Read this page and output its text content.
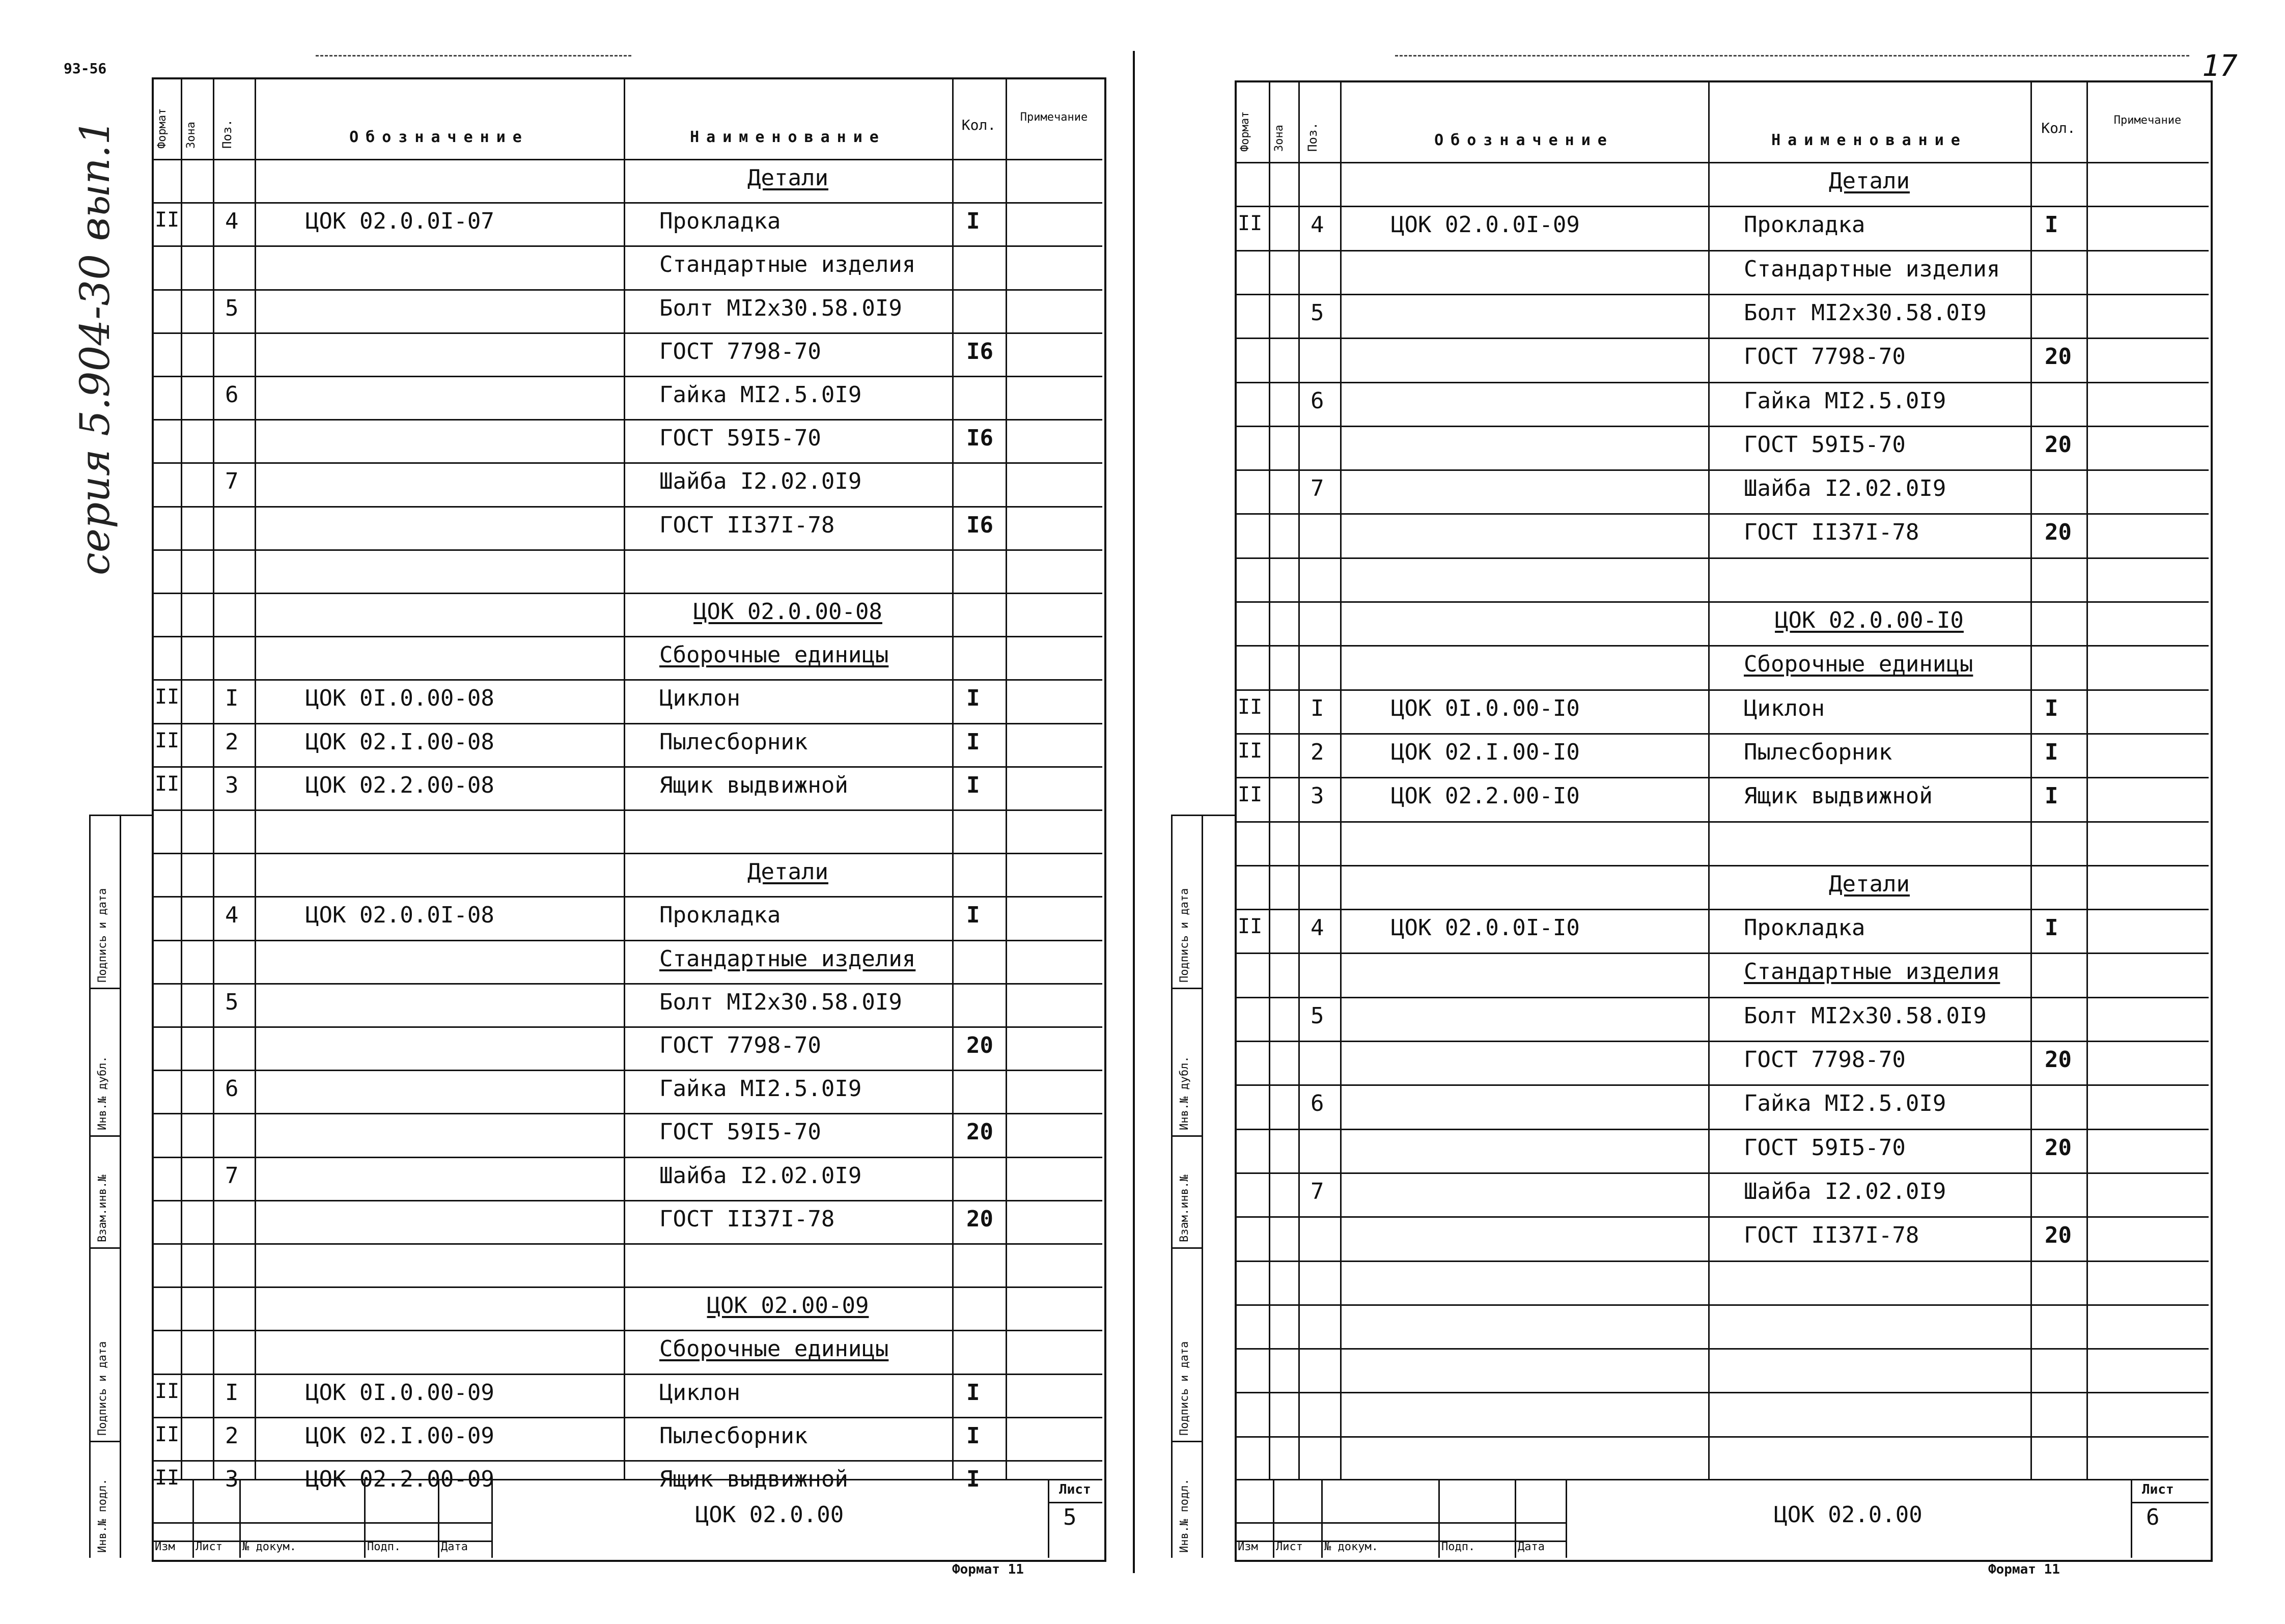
93-56	17
серия 5.904-30 вып.1	Формат Зона Поз.	Обозначение	Наименование
Кол.	Примечание
Детали
II 4	ЦОК 02.0.0I-07	Прокладка	I
Стандартные изделия
5	Болт МI2х30.58.0I9
ГОСТ 7798-70	I6
6	Гайка МI2.5.0I9
ГОСТ 59I5-70	I6
7	Шайба I2.02.0I9
ГОСТ II37I-78	I6
ЦОК 02.0.00-08
Сборочные единицы
II I	ЦОК 0I.0.00-08	Циклон	I
II 2	ЦОК 02.I.00-08	Пылесборник	I
II 3	ЦОК 02.2.00-08	Ящик выдвижной	I
Детали
4	ЦОК 02.0.0I-08	Прокладка	I
Стандартные изделия
5	Болт МI2х30.58.0I9
ГОСТ 7798-70	20
6	Гайка МI2.5.0I9
ГОСТ 59I5-70	20
7	Шайба I2.02.0I9
ГОСТ II37I-78	20
ЦОК 02.00-09
Сборочные единицы
II I	ЦОК 0I.0.00-09	Циклон	I
II 2	ЦОК 02.I.00-09	Пылесборник	I
II 3	ЦОК 02.2.00-09	Ящик выдвижной	I
Изм Лист № докум.	Подп.	Дата
ЦОК 02.0.00
Лист
5
Формат 11
Формат Зона Поз.	Обозначение	Наименование
Кол.	Примечание
Детали
II 4	ЦОК 02.0.0I-09	Прокладка	I
Стандартные изделия
5	Болт МI2х30.58.0I9
ГОСТ 7798-70	20
6	Гайка МI2.5.0I9
ГОСТ 59I5-70	20
7	Шайба I2.02.0I9
ГОСТ II37I-78	20
ЦОК 02.0.00-I0
Сборочные единицы
II I	ЦОК 0I.0.00-I0	Циклон	I
II 2	ЦОК 02.I.00-I0	Пылесборник	I
II 3	ЦОК 02.2.00-I0	Ящик выдвижной	I
Детали
II 4	ЦОК 02.0.0I-I0	Прокладка	I
Стандартные изделия
5	Болт МI2х30.58.0I9
ГОСТ 7798-70	20
6	Гайка МI2.5.0I9
ГОСТ 59I5-70	20
7	Шайба I2.02.0I9
ГОСТ II37I-78	20
Изм Лист № докум.	Подп.	Дата
ЦОК 02.0.00
Лист
6
Формат 11
Подпись и дата
Инв.№ дубл.
Взам.инв.№
Подпись и дата
Инв.№ подл.
Подпись и дата
Инв.№ дубл.
Взам.инв.№
Подпись и дата
Инв.№ подл.
